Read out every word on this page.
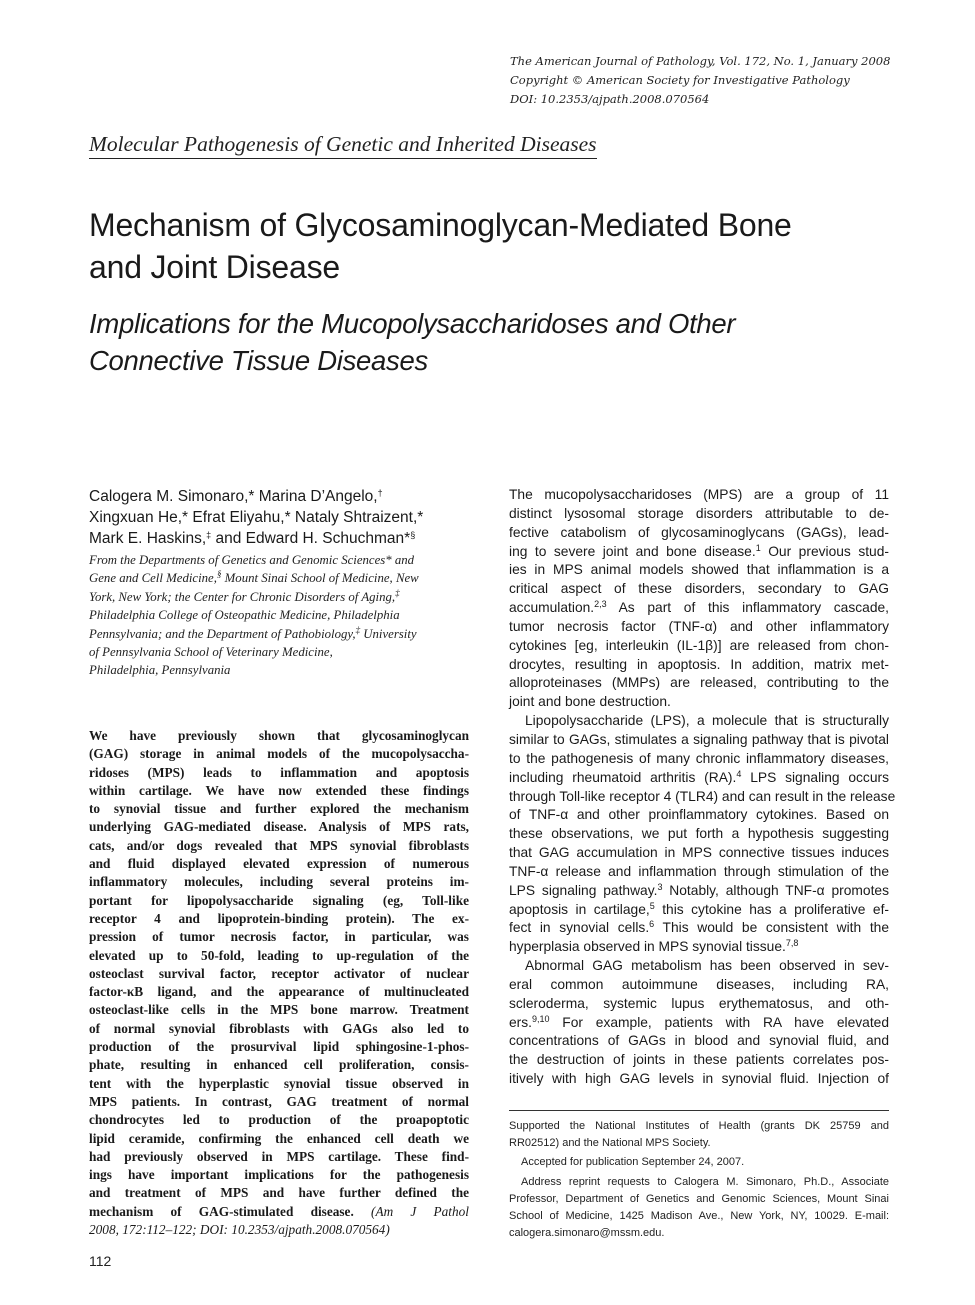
The American Journal of Pathology, Vol. 172, No. 1, January 2008
Copyright © American Society for Investigative Pathology
DOI: 10.2353/ajpath.2008.070564
Molecular Pathogenesis of Genetic and Inherited Diseases
Mechanism of Glycosaminoglycan-Mediated Bone
and Joint Disease
Implications for the Mucopolysaccharidoses and Other
Connective Tissue Diseases
Calogera M. Simonaro,* Marina D’Angelo,†
Xingxuan He,* Efrat Eliyahu,* Nataly Shtraizent,*
Mark E. Haskins,‡ and Edward H. Schuchman*§
From the Departments of Genetics and Genomic Sciences* and
Gene and Cell Medicine,§ Mount Sinai School of Medicine, New
York, New York; the Center for Chronic Disorders of Aging,‡
Philadelphia College of Osteopathic Medicine, Philadelphia
Pennsylvania; and the Department of Pathobiology,‡ University
of Pennsylvania School of Veterinary Medicine,
Philadelphia, Pennsylvania
We have previously shown that glycosaminoglycan
(GAG) storage in animal models of the mucopolysaccha-
ridoses (MPS) leads to inflammation and apoptosis
within cartilage. We have now extended these findings
to synovial tissue and further explored the mechanism
underlying GAG-mediated disease. Analysis of MPS rats,
cats, and/or dogs revealed that MPS synovial fibroblasts
and fluid displayed elevated expression of numerous
inflammatory molecules, including several proteins im-
portant for lipopolysaccharide signaling (eg, Toll-like
receptor 4 and lipoprotein-binding protein). The ex-
pression of tumor necrosis factor, in particular, was
elevated up to 50-fold, leading to up-regulation of the
osteoclast survival factor, receptor activator of nuclear
factor-κB ligand, and the appearance of multinucleated
osteoclast-like cells in the MPS bone marrow. Treatment
of normal synovial fibroblasts with GAGs also led to
production of the prosurvival lipid sphingosine-1-phos-
phate, resulting in enhanced cell proliferation, consis-
tent with the hyperplastic synovial tissue observed in
MPS patients. In contrast, GAG treatment of normal
chondrocytes led to production of the proapoptotic
lipid ceramide, confirming the enhanced cell death we
had previously observed in MPS cartilage. These find-
ings have important implications for the pathogenesis
and treatment of MPS and have further defined the
mechanism of GAG-stimulated disease. (Am J Pathol
2008, 172:112–122; DOI: 10.2353/ajpath.2008.070564)
The mucopolysaccharidoses (MPS) are a group of 11
distinct lysosomal storage disorders attributable to de-
fective catabolism of glycosaminoglycans (GAGs), lead-
ing to severe joint and bone disease.$^1$ Our previous stud-
ies in MPS animal models showed that inflammation is a
critical aspect of these disorders, secondary to GAG
accumulation.$^{2,3}$ As part of this inflammatory cascade,
tumor necrosis factor (TNF-α) and other inflammatory
cytokines [eg, interleukin (IL-1β)] are released from chon-
drocytes, resulting in apoptosis. In addition, matrix met-
alloproteinases (MMPs) are released, contributing to the
joint and bone destruction.
Lipopolysaccharide (LPS), a molecule that is structurally
similar to GAGs, stimulates a signaling pathway that is pivotal
to the pathogenesis of many chronic inflammatory diseases,
including rheumatoid arthritis (RA).$^4$ LPS signaling occurs
through Toll-like receptor 4 (TLR4) and can result in the release
of TNF-α and other proinflammatory cytokines. Based on
these observations, we put forth a hypothesis suggesting
that GAG accumulation in MPS connective tissues induces
TNF-α release and inflammation through stimulation of the
LPS signaling pathway.$^3$ Notably, although TNF-α promotes
apoptosis in cartilage,$^5$ this cytokine has a proliferative ef-
fect in synovial cells.$^6$ This would be consistent with the
hyperplasia observed in MPS synovial tissue.$^{7,8}$
Abnormal GAG metabolism has been observed in sev-
eral common autoimmune diseases, including RA,
scleroderma, systemic lupus erythematosus, and oth-
ers.$^{9,10}$ For example, patients with RA have elevated
concentrations of GAGs in blood and synovial fluid, and
the destruction of joints in these patients correlates pos-
itively with high GAG levels in synovial fluid. Injection of
Supported the National Institutes of Health (grants DK 25759 and
RR02512) and the National MPS Society.
Accepted for publication September 24, 2007.
Address reprint requests to Calogera M. Simonaro, Ph.D., Associate
Professor, Department of Genetics and Genomic Sciences, Mount Sinai
School of Medicine, 1425 Madison Ave., New York, NY, 10029. E-mail:
calogera.simonaro@mssm.edu.
112
